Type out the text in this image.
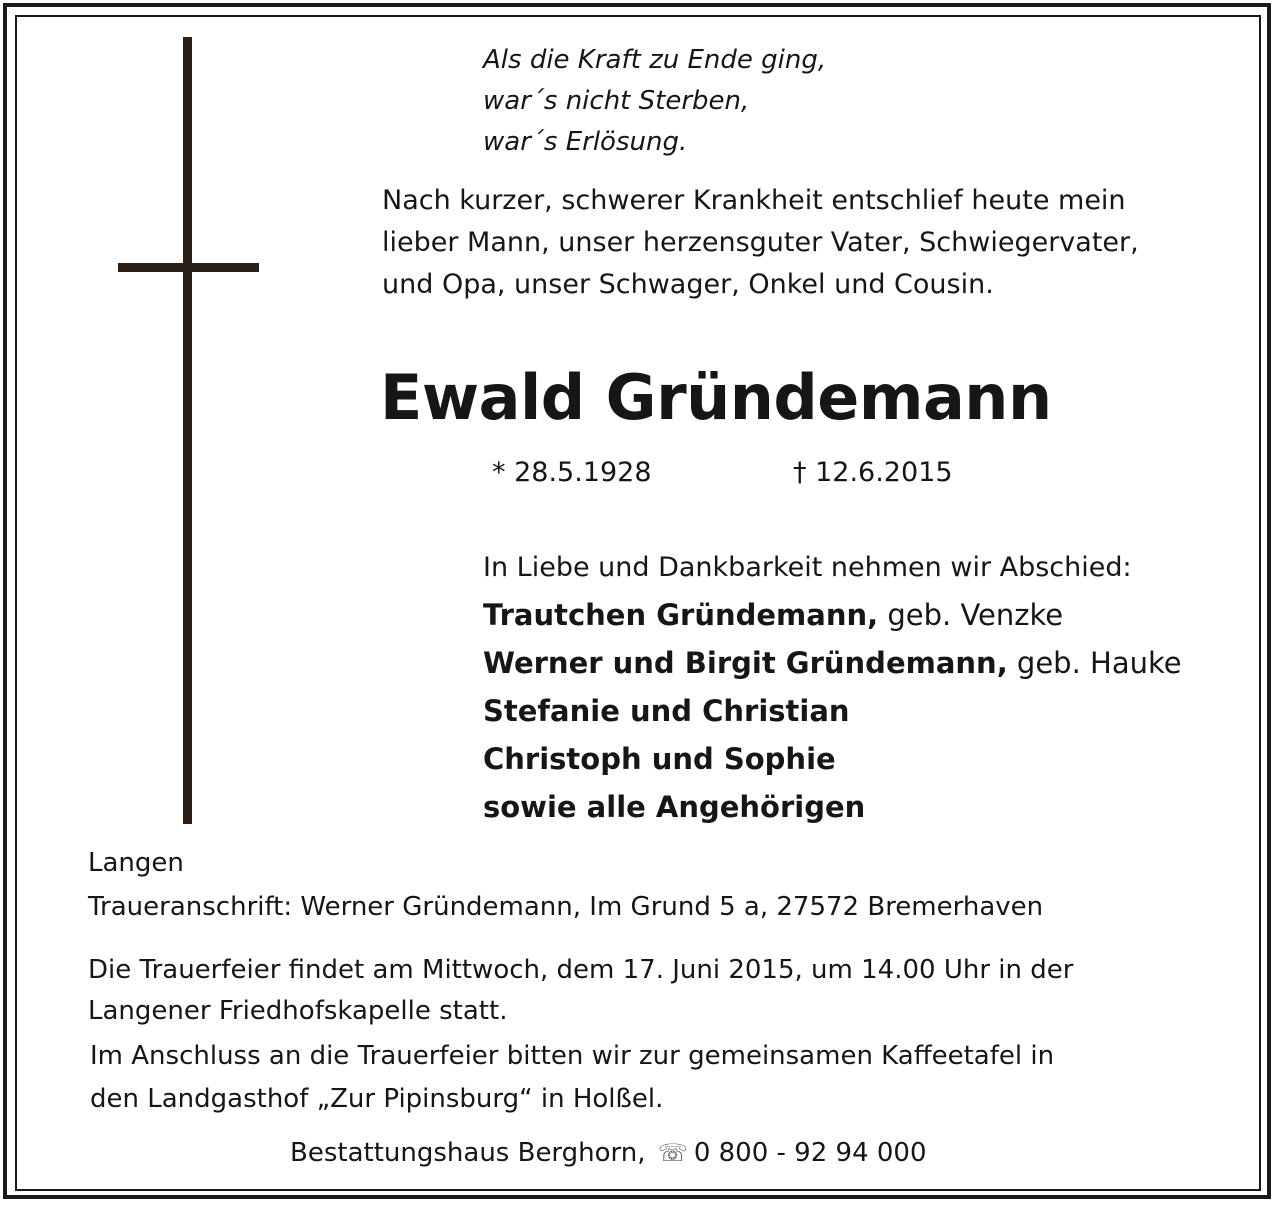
Als die Kraft zu Ende ging,
war´s nicht Sterben,
war´s Erlösung.
Nach kurzer, schwerer Krankheit entschlief heute mein
lieber Mann, unser herzensguter Vater, Schwiegervater,
und Opa, unser Schwager, Onkel und Cousin.
Ewald Gründemann
* 28.5.1928	† 12.6.2015
In Liebe und Dankbarkeit nehmen wir Abschied:
Trautchen Gründemann, geb. Venzke
Werner und Birgit Gründemann, geb. Hauke
Stefanie und Christian
Christoph und Sophie
sowie alle Angehörigen
Langen
Traueranschrift: Werner Gründemann, Im Grund 5 a, 27572 Bremerhaven
Die Trauerfeier findet am Mittwoch, dem 17. Juni 2015, um 14.00 Uhr in der
Langener Friedhofskapelle statt.
Im Anschluss an die Trauerfeier bitten wir zur gemeinsamen Kaffeetafel in
den Landgasthof „Zur Pipinsburg“ in Holßel.
Bestattungshaus Berghorn, ☏ 0 800 - 92 94 000
